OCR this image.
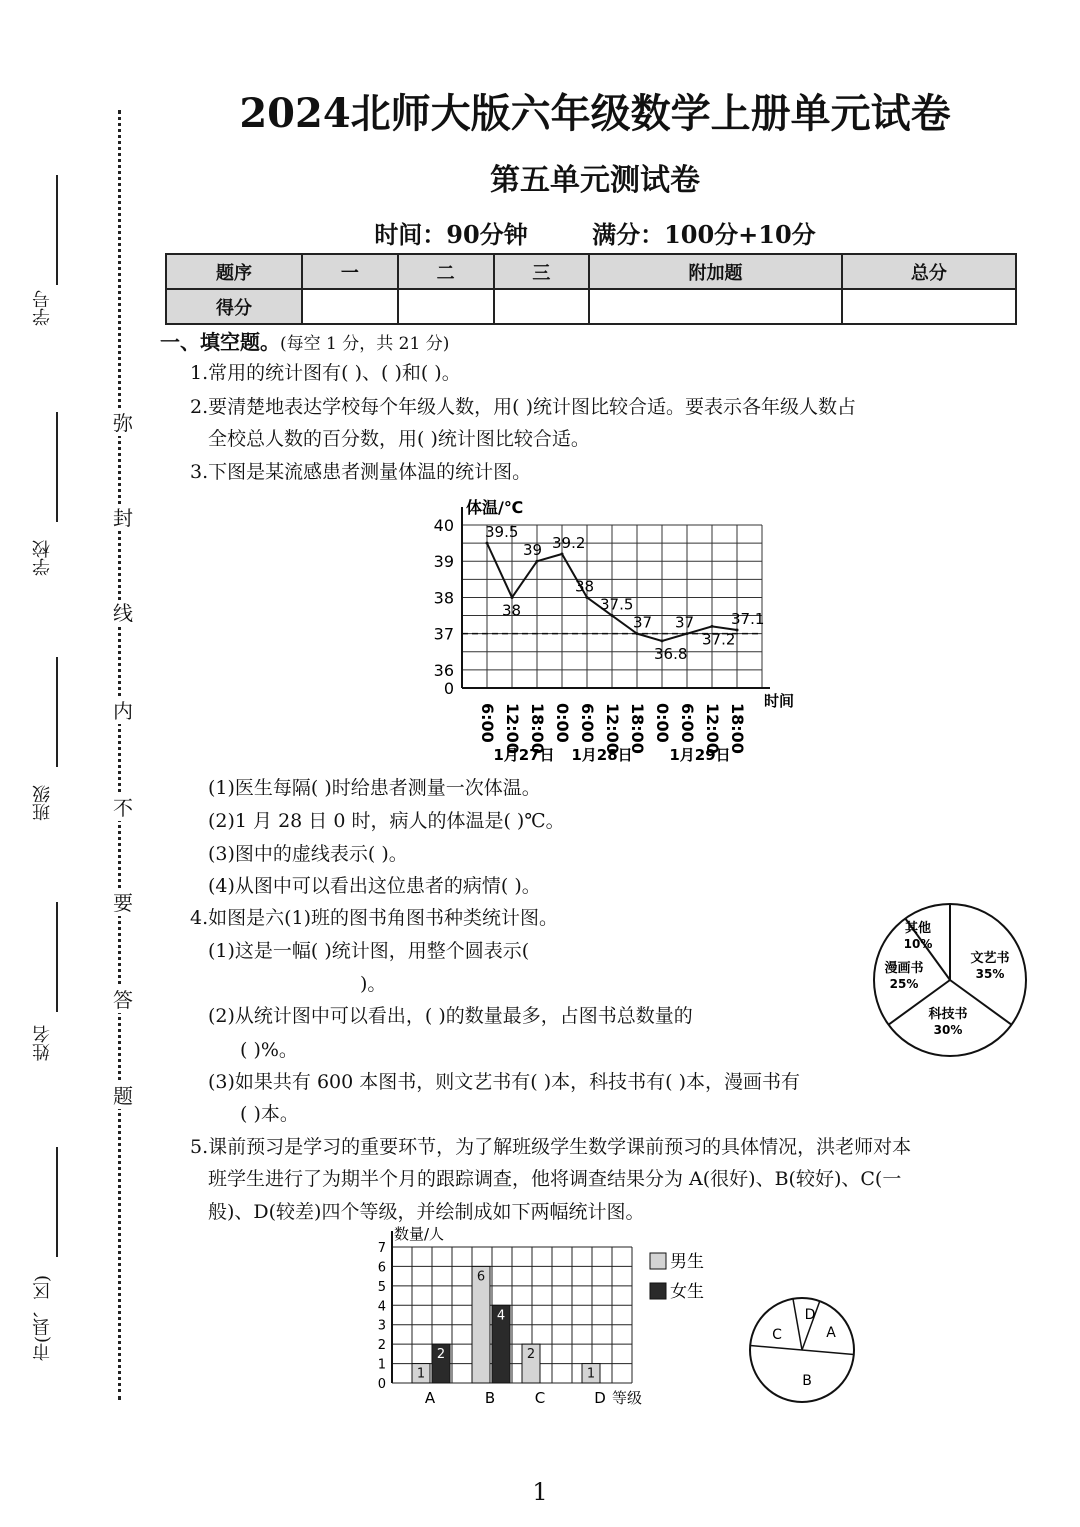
弥
封
线
内
不
要
答
题
学号
学校
班级
姓名
市(县、区)
2024北师大版六年级数学上册单元试卷
第五单元测试卷
时间：90分钟	满分：100分+10分
题序	一	二	三	附加题	总分
得分					
一、填空题。(每空 1 分，共 21 分)
1.常用的统计图有( )、( )和( )。
2.要清楚地表达学校每个年级人数，用( )统计图比较合适。要表示各年级人数占
全校总人数的百分数，用( )统计图比较合适。
3.下图是某流感患者测量体温的统计图。
0
36
37
38
39
40
体温/℃
时间
39.5
38
39 39.2
38
37.5
37
36.8
37
37.2
37.1
6:00 12:00 18:00 0:00 6:00 12:00 18:00 0:00 6:00 12:00 18:00
1月27日 1月28日 1月29日
(1)医生每隔( )时给患者测量一次体温。
(2)1 月 28 日 0 时，病人的体温是( )℃。
(3)图中的虚线表示( )。
(4)从图中可以看出这位患者的病情( )。
4.如图是六(1)班的图书角图书种类统计图。
(1)这是一幅( )统计图，用整个圆表示(
)。
(2)从统计图中可以看出，( )的数量最多，占图书总数量的
( )%。
(3)如果共有 600 本图书，则文艺书有( )本，科技书有( )本，漫画书有
( )本。
文艺书
35%
科技书
30%
漫画书
25%
其他
10%
5.课前预习是学习的重要环节，为了解班级学生数学课前预习的具体情况，洪老师对本
班学生进行了为期半个月的跟踪调查，他将调查结果分为 A(很好)、B(较好)、C(一
般)、D(较差)四个等级，并绘制成如下两幅统计图。
0
1
2
3
4
5
6
7
数量/人
等级
A
1
2
B
6
4
C
2
D
1
男生
女生
A
B
C
D
1
